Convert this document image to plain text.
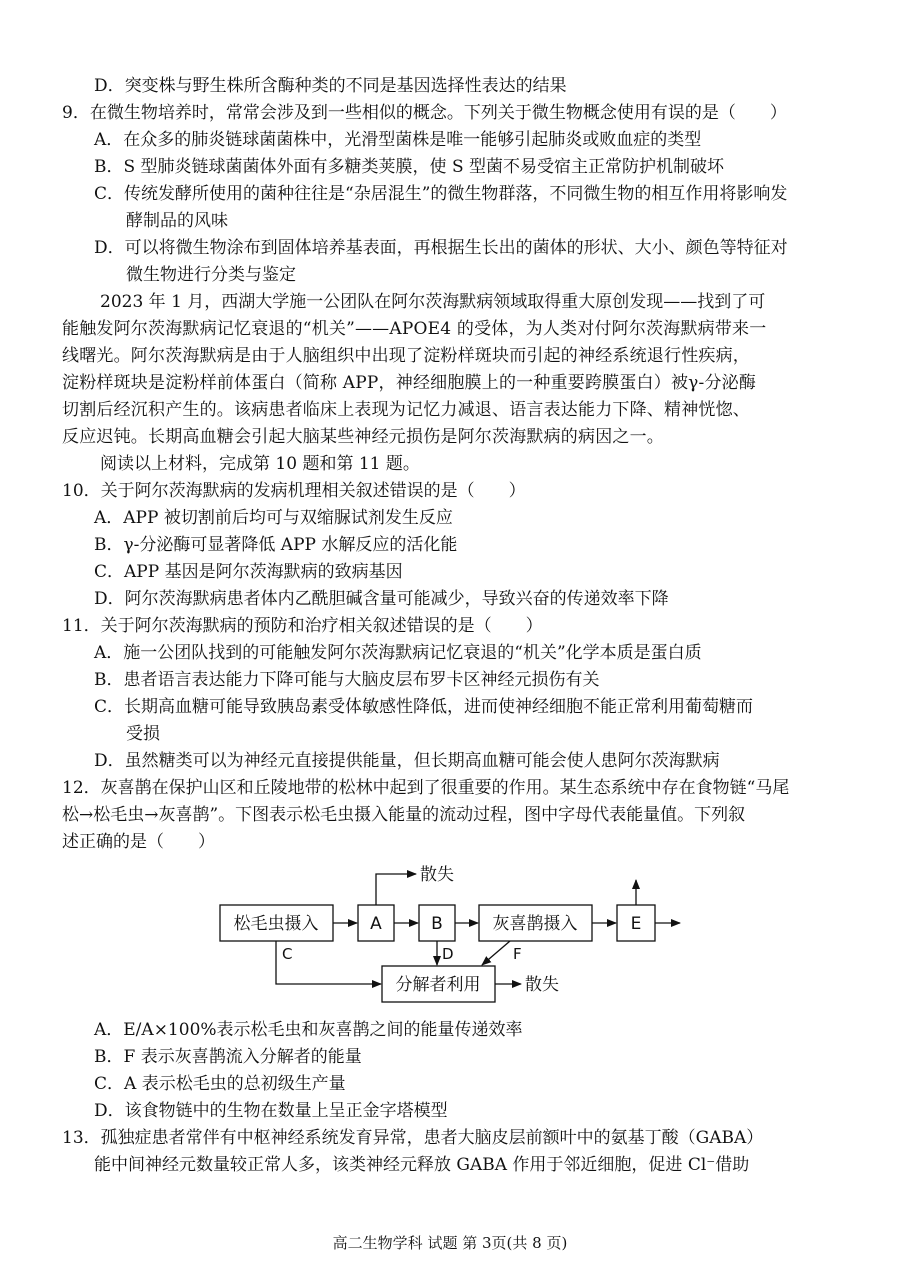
D．突变株与野生株所含酶种类的不同是基因选择性表达的结果
9．在微生物培养时，常常会涉及到一些相似的概念。下列关于微生物概念使用有误的是（　　）
A．在众多的肺炎链球菌菌株中，光滑型菌株是唯一能够引起肺炎或败血症的类型
B．S 型肺炎链球菌菌体外面有多糖类荚膜，使 S 型菌不易受宿主正常防护机制破坏
C．传统发酵所使用的菌种往往是“杂居混生”的微生物群落，不同微生物的相互作用将影响发
酵制品的风味
D．可以将微生物涂布到固体培养基表面，再根据生长出的菌体的形状、大小、颜色等特征对
微生物进行分类与鉴定
2023 年 1 月，西湖大学施一公团队在阿尔茨海默病领域取得重大原创发现——找到了可
能触发阿尔茨海默病记忆衰退的“机关”——APOE4 的受体，为人类对付阿尔茨海默病带来一
线曙光。阿尔茨海默病是由于人脑组织中出现了淀粉样斑块而引起的神经系统退行性疾病，
淀粉样斑块是淀粉样前体蛋白（简称 APP，神经细胞膜上的一种重要跨膜蛋白）被γ-分泌酶
切割后经沉积产生的。该病患者临床上表现为记忆力减退、语言表达能力下降、精神恍惚、
反应迟钝。长期高血糖会引起大脑某些神经元损伤是阿尔茨海默病的病因之一。
阅读以上材料，完成第 10 题和第 11 题。
10．关于阿尔茨海默病的发病机理相关叙述错误的是（　　）
A．APP 被切割前后均可与双缩脲试剂发生反应
B．γ-分泌酶可显著降低 APP 水解反应的活化能
C．APP 基因是阿尔茨海默病的致病基因
D．阿尔茨海默病患者体内乙酰胆碱含量可能减少，导致兴奋的传递效率下降
11．关于阿尔茨海默病的预防和治疗相关叙述错误的是（　　）
A．施一公团队找到的可能触发阿尔茨海默病记忆衰退的“机关”化学本质是蛋白质
B．患者语言表达能力下降可能与大脑皮层布罗卡区神经元损伤有关
C．长期高血糖可能导致胰岛素受体敏感性降低，进而使神经细胞不能正常利用葡萄糖而
受损
D．虽然糖类可以为神经元直接提供能量，但长期高血糖可能会使人患阿尔茨海默病
12．灰喜鹊在保护山区和丘陵地带的松林中起到了很重要的作用。某生态系统中存在食物链“马尾
松→松毛虫→灰喜鹊”。下图表示松毛虫摄入能量的流动过程，图中字母代表能量值。下列叙
述正确的是（　　）
松毛虫摄入	A	B	灰喜鹊摄入	E
分解者利用
散失
散失
C	D	F
A．E/A×100%表示松毛虫和灰喜鹊之间的能量传递效率
B．F 表示灰喜鹊流入分解者的能量
C．A 表示松毛虫的总初级生产量
D．该食物链中的生物在数量上呈正金字塔模型
13．孤独症患者常伴有中枢神经系统发育异常，患者大脑皮层前额叶中的氨基丁酸（GABA）
能中间神经元数量较正常人多，该类神经元释放 GABA 作用于邻近细胞，促进 Cl⁻借助
高二生物学科 试题 第 3页(共 8 页)
